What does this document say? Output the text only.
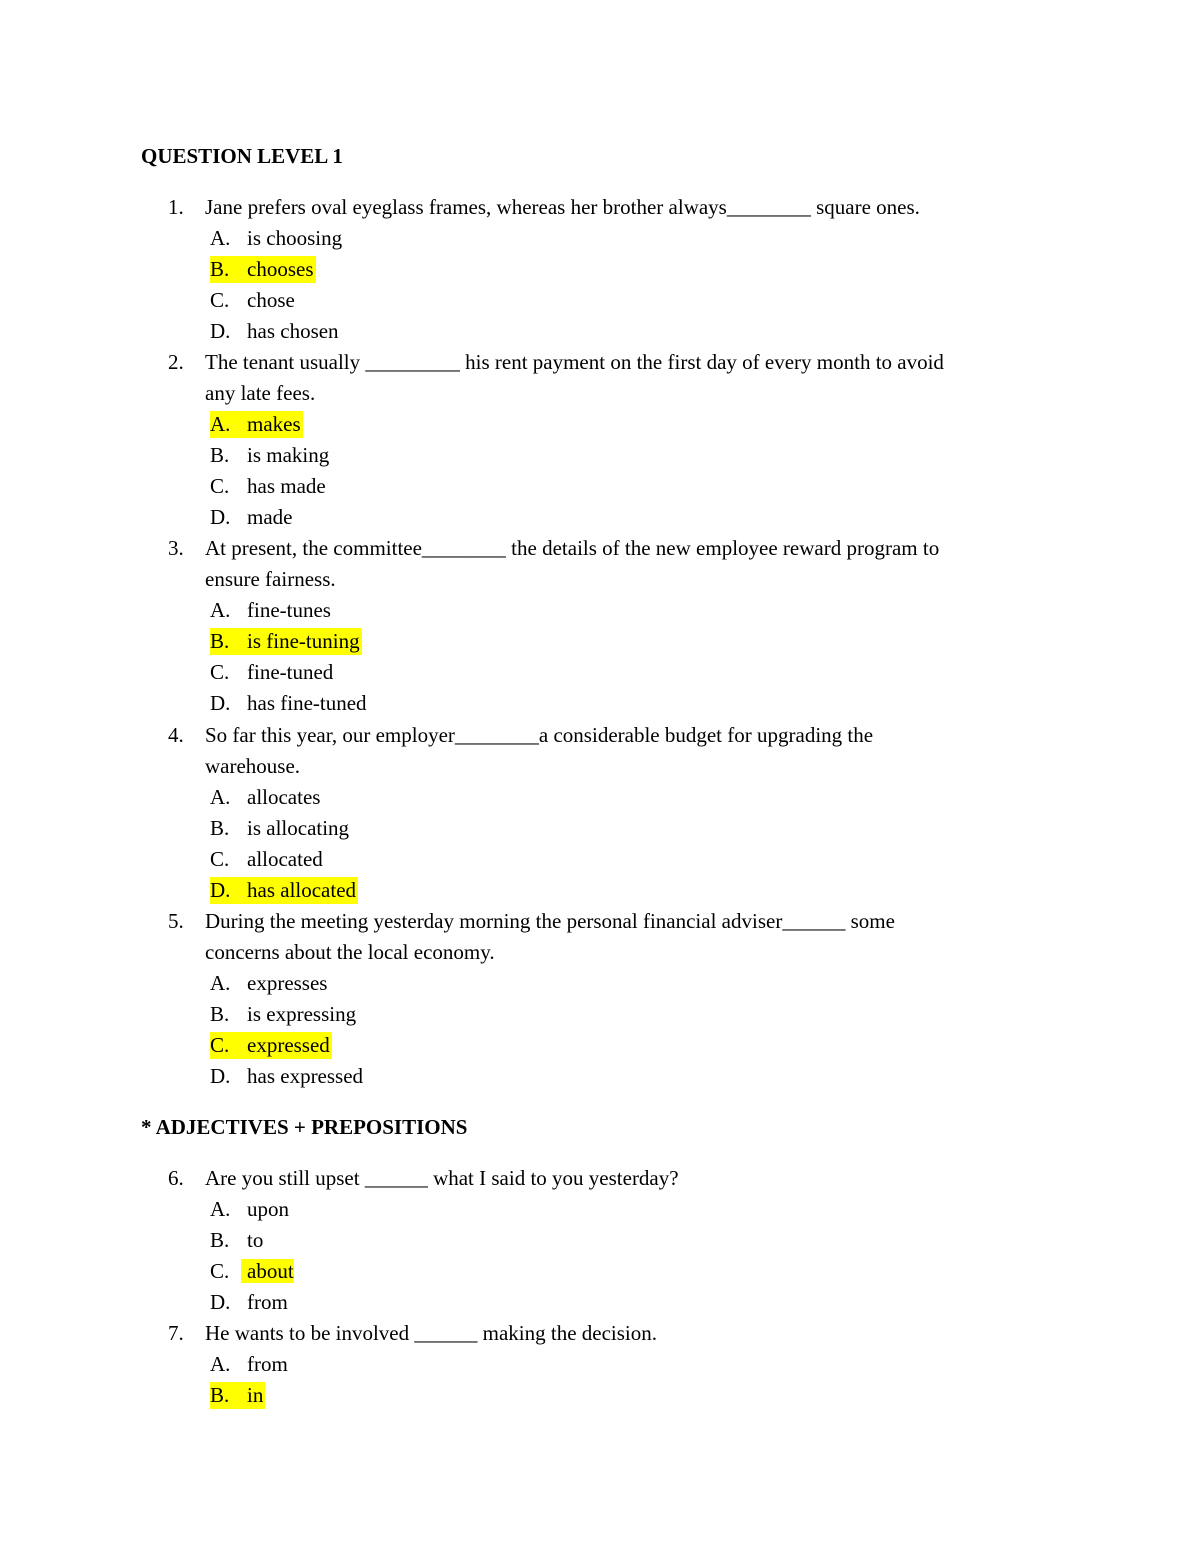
QUESTION LEVEL 1
1. Jane prefers oval eyeglass frames, whereas her brother always________ square ones.
A. is choosing
B. chooses
C. chose
D. has chosen
2. The tenant usually _________ his rent payment on the first day of every month to avoid
any late fees.
A. makes
B. is making
C. has made
D. made
3. At present, the committee________ the details of the new employee reward program to
ensure fairness.
A. fine-tunes
B. is fine-tuning
C. fine-tuned
D. has fine-tuned
4. So far this year, our employer________a considerable budget for upgrading the
warehouse.
A. allocates
B. is allocating
C. allocated
D. has allocated
5. During the meeting yesterday morning the personal financial adviser______ some
concerns about the local economy.
A. expresses
B. is expressing
C. expressed
D. has expressed
* ADJECTIVES + PREPOSITIONS
6. Are you still upset ______ what I said to you yesterday?
A. upon
B. to
C. about
D. from
7. He wants to be involved ______ making the decision.
A. from
B. in
